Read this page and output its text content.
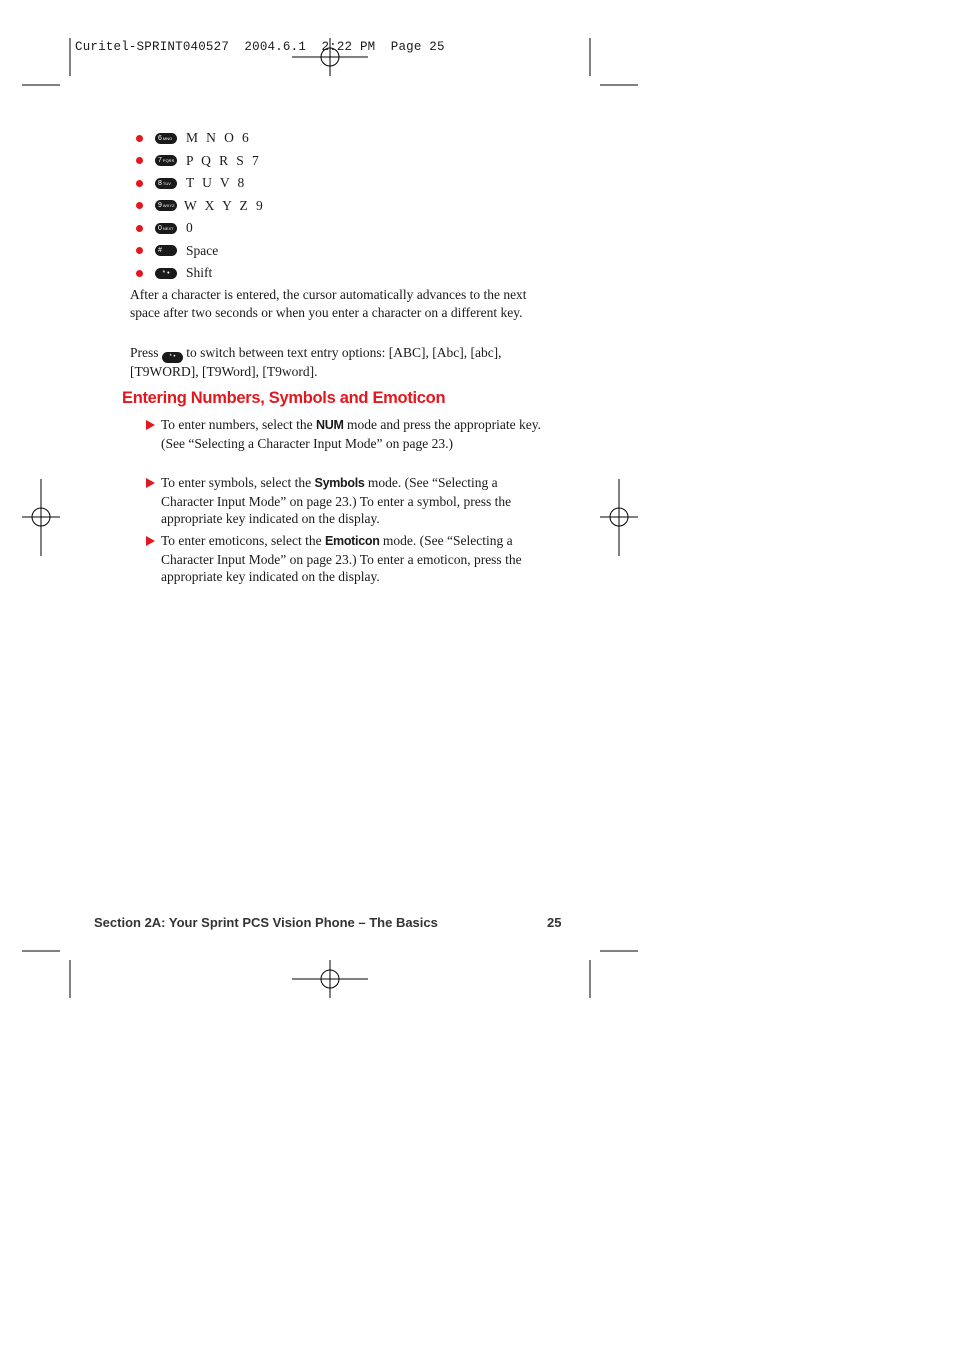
Curitel-SPRINT040527  2004.6.1  2:22 PM  Page 25
6 MNO M N O 6
7 PQRS P Q R S 7
8 TUV T U V 8
9 WXYZ W X Y Z 9
0 NEXT 0
# Space
* • Shift

After a character is entered, the cursor automatically advances to the next space after two seconds or when you enter a character on a different key.

Press * • to switch between text entry options: [ABC], [Abc], [abc], [T9WORD], [T9Word], [T9word].

Entering Numbers, Symbols and Emoticon
To enter numbers, select the NUM mode and press the appropriate key. (See “Selecting a Character Input Mode” on page 23.)
To enter symbols, select the Symbols mode. (See “Selecting a Character Input Mode” on page 23.) To enter a symbol, press the appropriate key indicated on the display.
To enter emoticons, select the Emoticon mode. (See “Selecting a Character Input Mode” on page 23.) To enter a emoticon, press the appropriate key indicated on the display.
Section 2A: Your Sprint PCS Vision Phone – The Basics	25
